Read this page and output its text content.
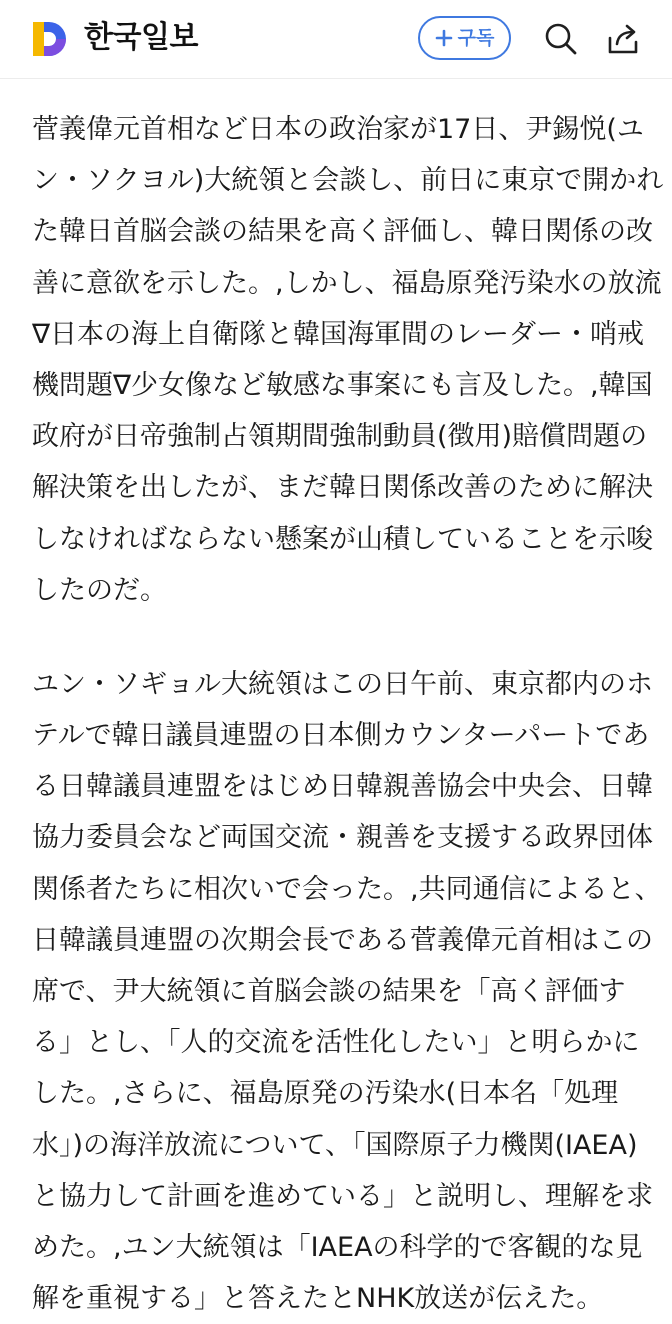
한국일보	구독

菅義偉元首相など日本の政治家が17日、尹錫悦(ユ
ン・ソクヨル)大統領と会談し、前日に東京で開かれ
た韓日首脳会談の結果を高く評価し、韓日関係の改
善に意欲を示した。,しかし、福島原発汚染水の放流
∇日本の海上自衛隊と韓国海軍間のレーダー・哨戒
機問題∇少女像など敏感な事案にも言及した。,韓国
政府が日帝強制占領期間強制動員(徴用)賠償問題の
解決策を出したが、まだ韓日関係改善のために解決
しなければならない懸案が山積していることを示唆
したのだ。

ユン・ソギョル大統領はこの日午前、東京都内のホ
テルで韓日議員連盟の日本側カウンターパートであ
る日韓議員連盟をはじめ日韓親善協会中央会、日韓
協力委員会など両国交流・親善を支援する政界団体
関係者たちに相次いで会った。,共同通信によると、
日韓議員連盟の次期会長である菅義偉元首相はこの
席で、尹大統領に首脳会談の結果を「高く評価す
る」とし、「人的交流を活性化したい」と明らかに
した。,さらに、福島原発の汚染水(日本名「処理
水」)の海洋放流について、「国際原子力機関(IAEA)
と協力して計画を進めている」と説明し、理解を求
めた。,ユン大統領は「IAEAの科学的で客観的な見
解を重視する」と答えたとNHK放送が伝えた。
